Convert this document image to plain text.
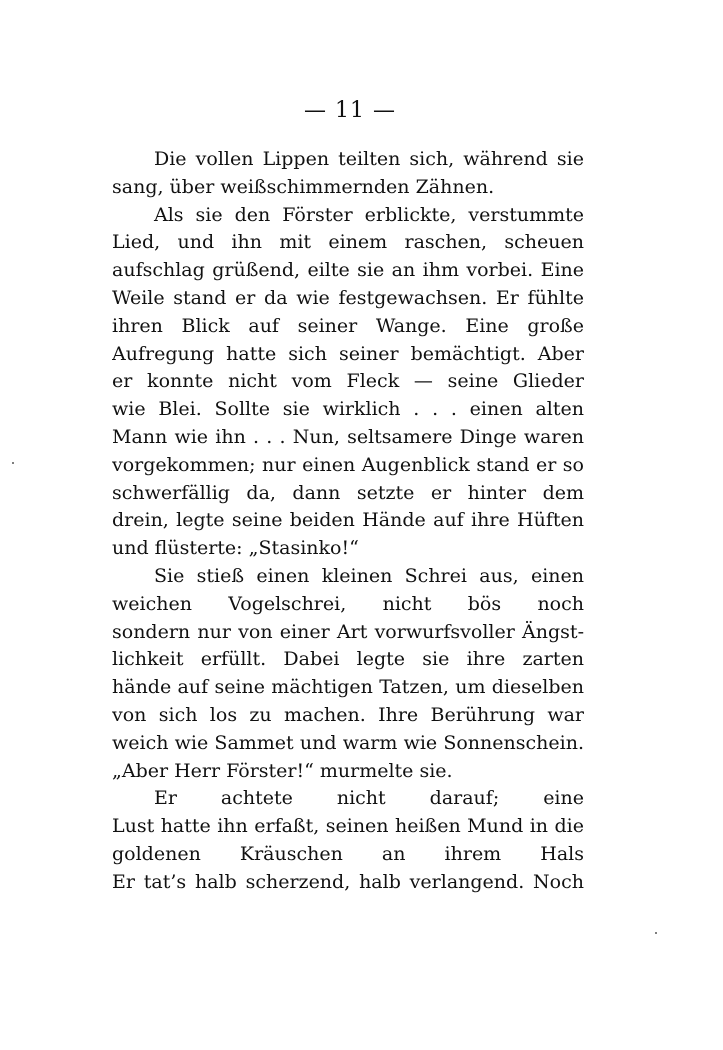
— 11 —
Die vollen Lippen teilten sich, während sie
sang, über weißschimmernden Zähnen.
Als sie den Förster erblickte, verstummte
Lied, und ihn mit einem raschen, scheuen
aufschlag grüßend, eilte sie an ihm vorbei. Eine
Weile stand er da wie festgewachsen. Er fühlte
ihren Blick auf seiner Wange. Eine große
Aufregung hatte sich seiner bemächtigt. Aber
er konnte nicht vom Fleck — seine Glieder
wie Blei. Sollte sie wirklich . . . einen alten
Mann wie ihn . . . Nun, seltsamere Dinge waren
vorgekommen; nur einen Augenblick stand er so
schwerfällig da, dann setzte er hinter dem
drein, legte seine beiden Hände auf ihre Hüften
und flüsterte: „Stasinko!“
Sie stieß einen kleinen Schrei aus, einen
weichen Vogelschrei, nicht bös noch
sondern nur von einer Art vorwurfsvoller Ängst-
lichkeit erfüllt. Dabei legte sie ihre zarten
hände auf seine mächtigen Tatzen, um dieselben
von sich los zu machen. Ihre Berührung war
weich wie Sammet und warm wie Sonnenschein.
„Aber Herr Förster!“ murmelte sie.
Er achtete nicht darauf; eine
Lust hatte ihn erfaßt, seinen heißen Mund in die
goldenen Kräuschen an ihrem Hals
Er tat’s halb scherzend, halb verlangend. Noch
